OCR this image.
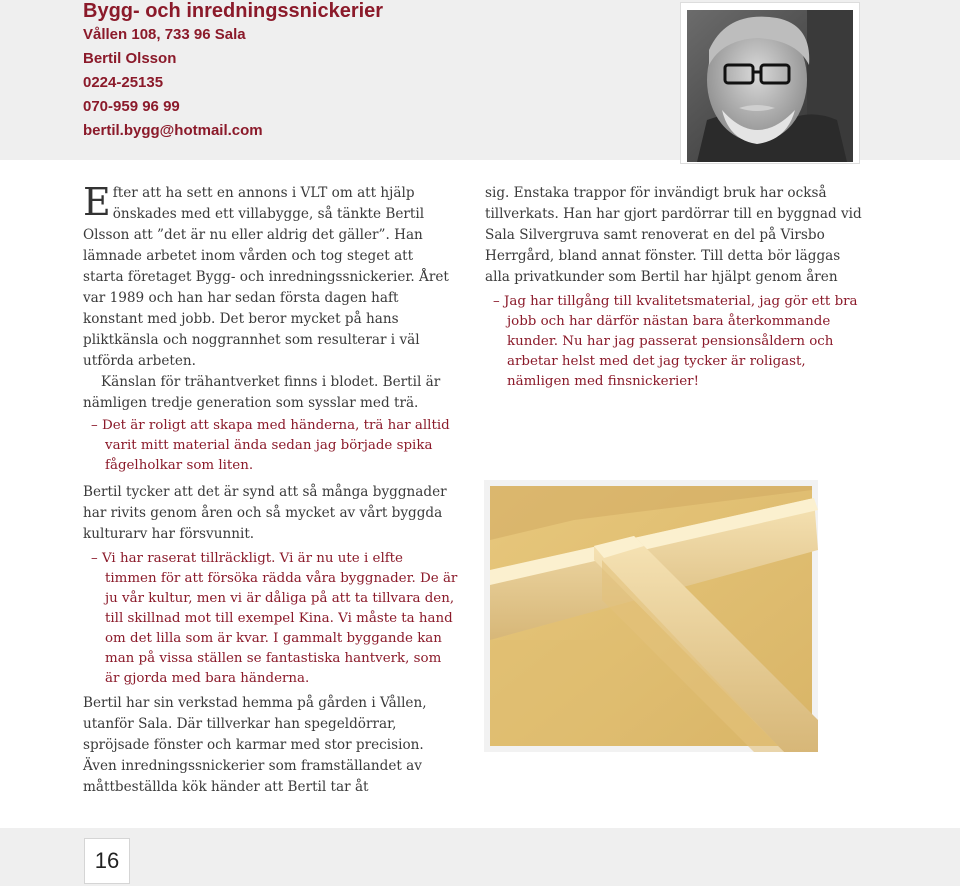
Bygg- och inredningssnickerier
Vållen 108, 733 96 Sala
Bertil Olsson
0224-25135
070-959 96 99
bertil.bygg@hotmail.com

Efter att ha sett en annons i VLT om att hjälp önskades med ett villabygge, så tänkte Bertil Olsson att ”det är nu eller aldrig det gäller”. Han lämnade arbetet inom vården och tog steget att starta företaget Bygg- och inredningssnickerier. Året var 1989 och han har sedan första dagen haft konstant med jobb. Det beror mycket på hans pliktkänsla och noggrannhet som resulterar i väl utförda arbeten.

Känslan för trähantverket finns i blodet. Bertil är nämligen tredje generation som sysslar med trä.

– Det är roligt att skapa med händerna, trä har alltid varit mitt material ända sedan jag började spika fågelholkar som liten.

Bertil tycker att det är synd att så många byggnader har rivits genom åren och så mycket av vårt byggda kulturarv har försvunnit.

– Vi har raserat tillräckligt. Vi är nu ute i elfte timmen för att försöka rädda våra byggnader. De är ju vår kultur, men vi är dåliga på att ta tillvara den, till skillnad mot till exempel Kina. Vi måste ta hand om det lilla som är kvar. I gammalt byggande kan man på vissa ställen se fantastiska hantverk, som är gjorda med bara händerna.

Bertil har sin verkstad hemma på gården i Vållen, utanför Sala. Där tillverkar han spegeldörrar, spröjsade fönster och karmar med stor precision. Även inredningssnickerier som framställandet av måttbeställda kök händer att Bertil tar åt

sig. Enstaka trappor för invändigt bruk har också tillverkats. Han har gjort pardörrar till en byggnad vid Sala Silvergruva samt renoverat en del på Virsbo Herrgård, bland annat fönster. Till detta bör läggas alla privatkunder som Bertil har hjälpt genom åren

– Jag har tillgång till kvalitetsmaterial, jag gör ett bra jobb och har därför nästan bara återkommande kunder. Nu har jag passerat pensionsåldern och arbetar helst med det jag tycker är roligast, nämligen med finsnickerier!

16
